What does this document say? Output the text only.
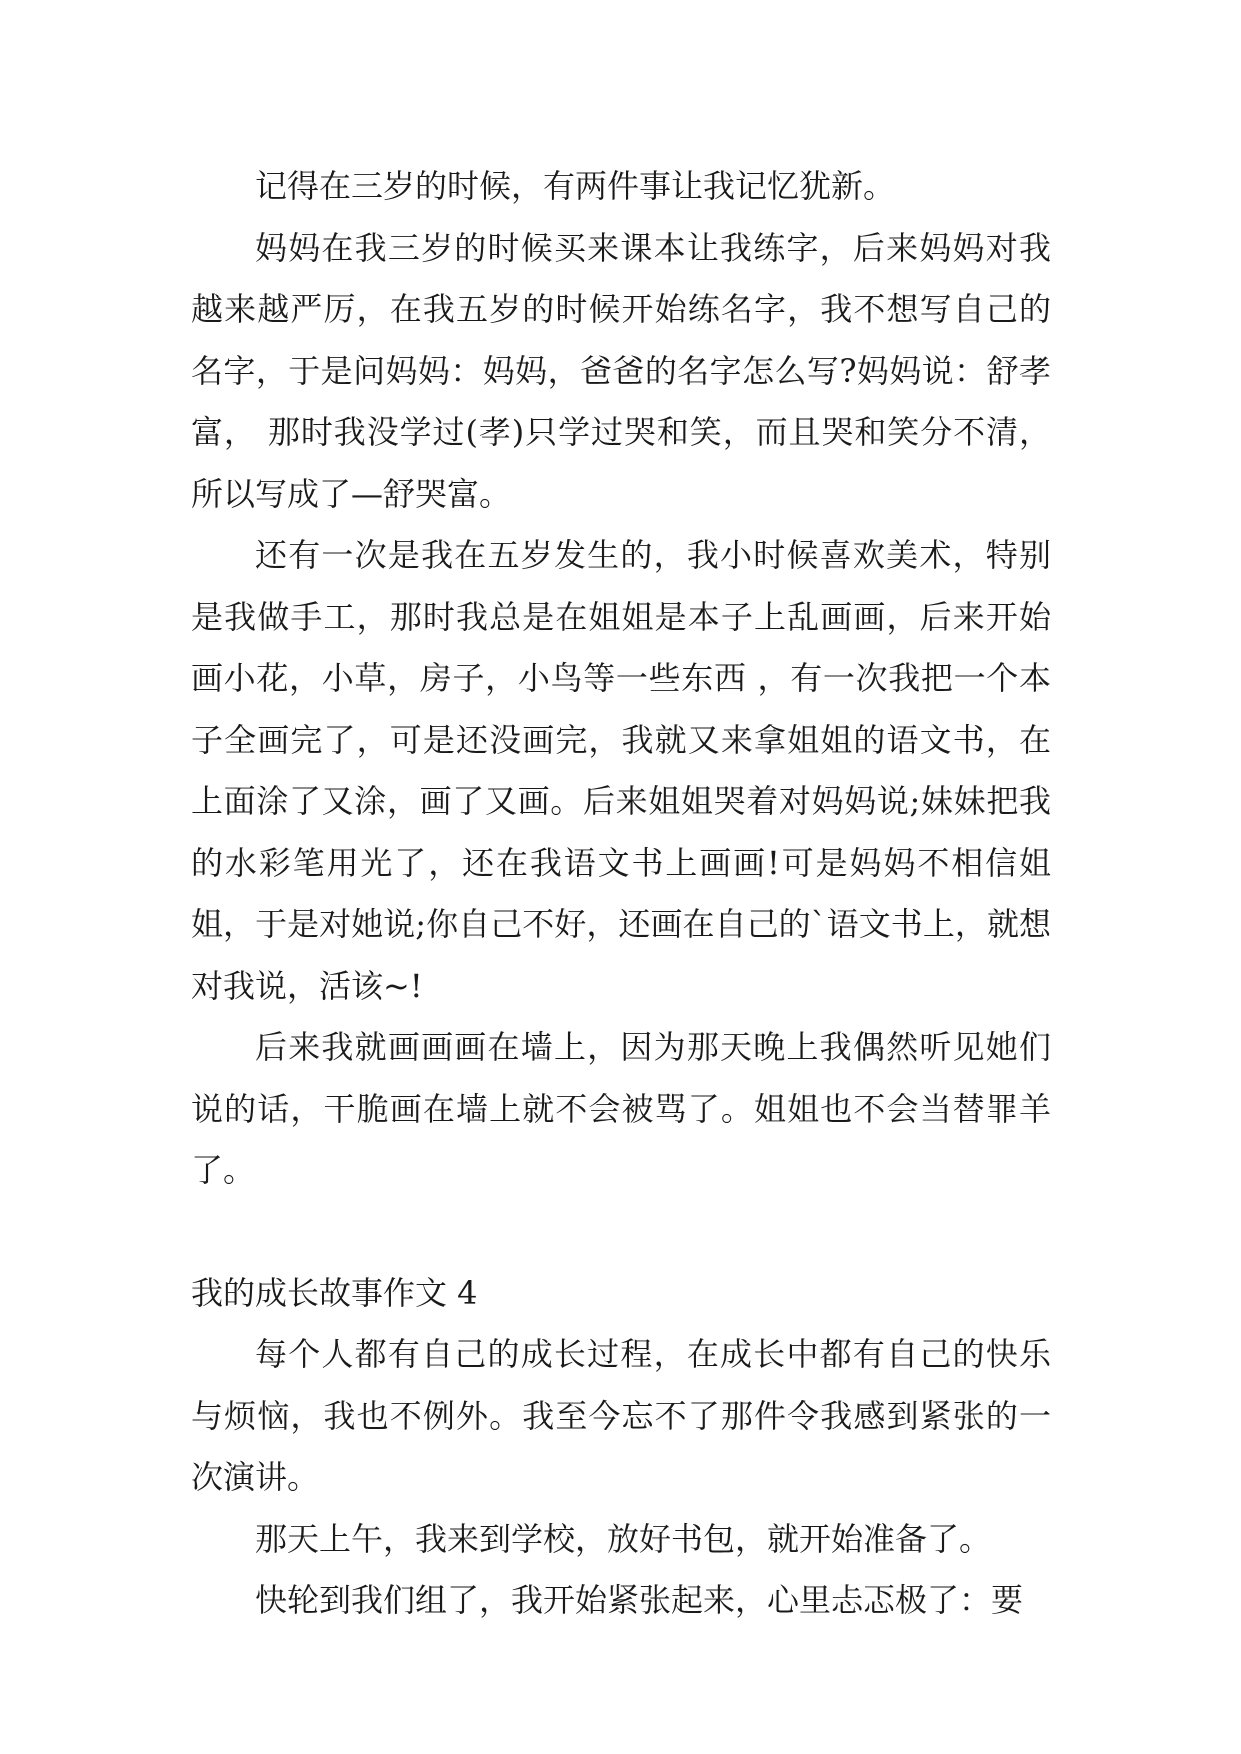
记得在三岁的时候，有两件事让我记忆犹新。

妈妈在我三岁的时候买来课本让我练字，后来妈妈对我越来越严厉，在我五岁的时候开始练名字，我不想写自己的名字，于是问妈妈：妈妈，爸爸的名字怎么写?妈妈说：舒孝富， 那时我没学过(孝)只学过哭和笑，而且哭和笑分不清，所以写成了—舒哭富。

还有一次是我在五岁发生的，我小时候喜欢美术，特别是我做手工，那时我总是在姐姐是本子上乱画画，后来开始画小花，小草，房子，小鸟等一些东西 ，有一次我把一个本子全画完了，可是还没画完，我就又来拿姐姐的语文书，在上面涂了又涂，画了又画。后来姐姐哭着对妈妈说;妹妹把我的水彩笔用光了，还在我语文书上画画!可是妈妈不相信姐姐，于是对她说;你自己不好，还画在自己的`语文书上，就想对我说，活该~!

后来我就画画画在墙上，因为那天晚上我偶然听见她们说的话，干脆画在墙上就不会被骂了。姐姐也不会当替罪羊了。

我的成长故事作文 4

每个人都有自己的成长过程，在成长中都有自己的快乐与烦恼，我也不例外。我至今忘不了那件令我感到紧张的一次演讲。

那天上午，我来到学校，放好书包，就开始准备了。

快轮到我们组了，我开始紧张起来，心里忐忑极了：要
